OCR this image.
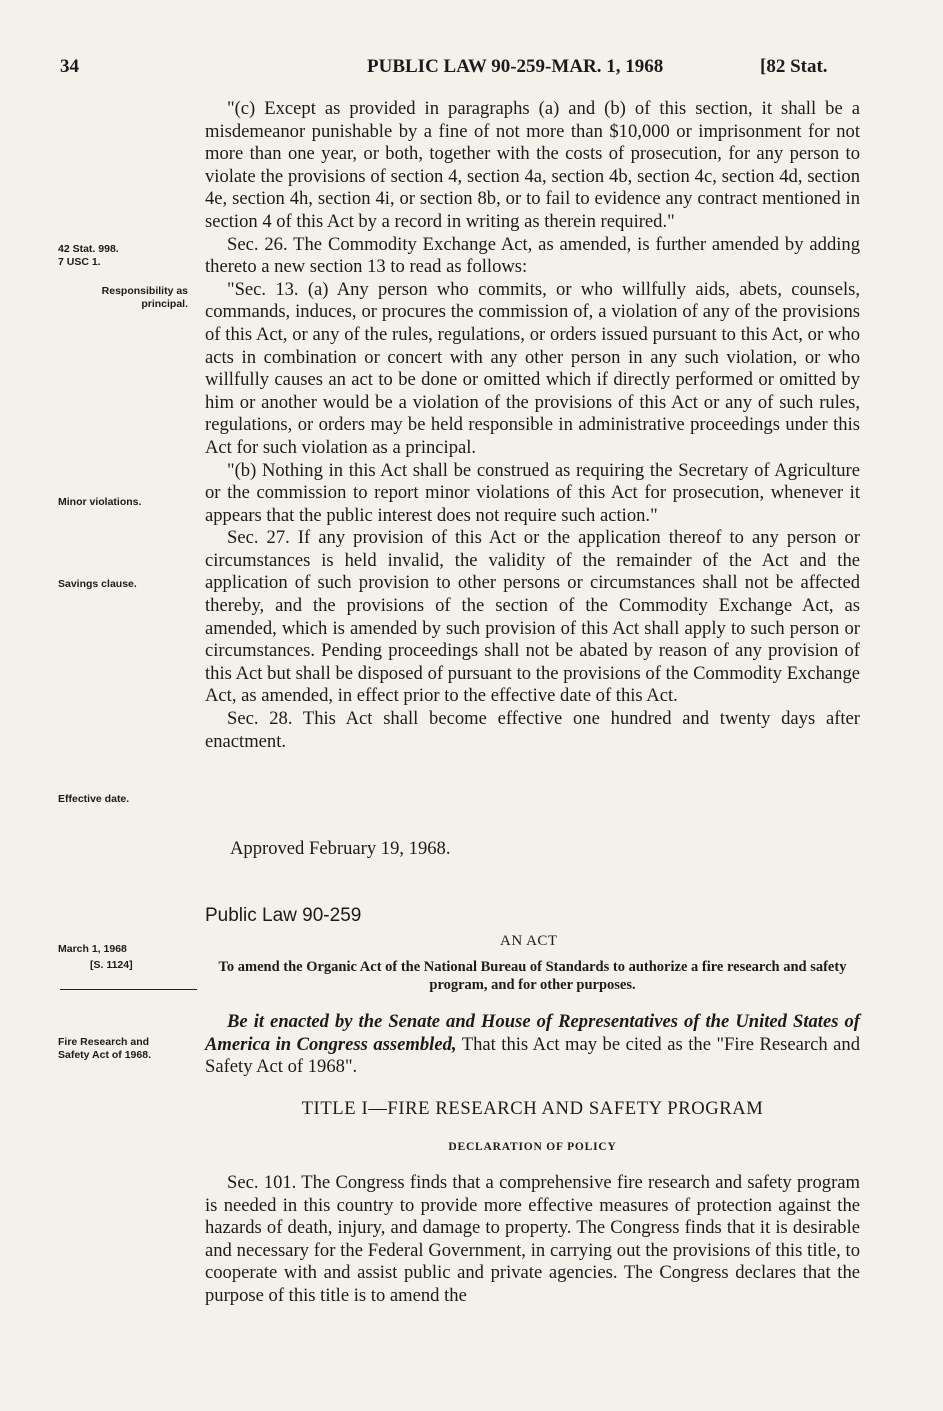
34	PUBLIC LAW 90-259-MAR. 1, 1968	[82 Stat.
42 Stat. 998.
7 USC 1.
Responsibility as principal.
Minor violations.
Savings clause.
Effective date.
March 1, 1968
[S. 1124]
Fire Research and Safety Act of 1968.

"(c) Except as provided in paragraphs (a) and (b) of this section, it shall be a misdemeanor punishable by a fine of not more than $10,000 or imprisonment for not more than one year, or both, together with the costs of prosecution, for any person to violate the provisions of section 4, section 4a, section 4b, section 4c, section 4d, section 4e, section 4h, section 4i, or section 8b, or to fail to evidence any contract mentioned in section 4 of this Act by a record in writing as therein required."

Sec. 26. The Commodity Exchange Act, as amended, is further amended by adding thereto a new section 13 to read as follows:

"Sec. 13. (a) Any person who commits, or who willfully aids, abets, counsels, commands, induces, or procures the commission of, a violation of any of the provisions of this Act, or any of the rules, regulations, or orders issued pursuant to this Act, or who acts in combination or concert with any other person in any such violation, or who willfully causes an act to be done or omitted which if directly performed or omitted by him or another would be a violation of the provisions of this Act or any of such rules, regulations, or orders may be held responsible in administrative proceedings under this Act for such violation as a principal.

"(b) Nothing in this Act shall be construed as requiring the Secretary of Agriculture or the commission to report minor violations of this Act for prosecution, whenever it appears that the public interest does not require such action."

Sec. 27. If any provision of this Act or the application thereof to any person or circumstances is held invalid, the validity of the remainder of the Act and the application of such provision to other persons or circumstances shall not be affected thereby, and the provisions of the section of the Commodity Exchange Act, as amended, which is amended by such provision of this Act shall apply to such person or circumstances. Pending proceedings shall not be abated by reason of any provision of this Act but shall be disposed of pursuant to the provisions of the Commodity Exchange Act, as amended, in effect prior to the effective date of this Act.

Sec. 28. This Act shall become effective one hundred and twenty days after enactment.

Approved February 19, 1968.
Public Law 90-259
AN ACT
To amend the Organic Act of the National Bureau of Standards to authorize a fire research and safety program, and for other purposes.

Be it enacted by the Senate and House of Representatives of the United States of America in Congress assembled, That this Act may be cited as the "Fire Research and Safety Act of 1968".

TITLE I—FIRE RESEARCH AND SAFETY PROGRAM
DECLARATION OF POLICY

Sec. 101. The Congress finds that a comprehensive fire research and safety program is needed in this country to provide more effective measures of protection against the hazards of death, injury, and damage to property. The Congress finds that it is desirable and necessary for the Federal Government, in carrying out the provisions of this title, to cooperate with and assist public and private agencies. The Congress declares that the purpose of this title is to amend the
